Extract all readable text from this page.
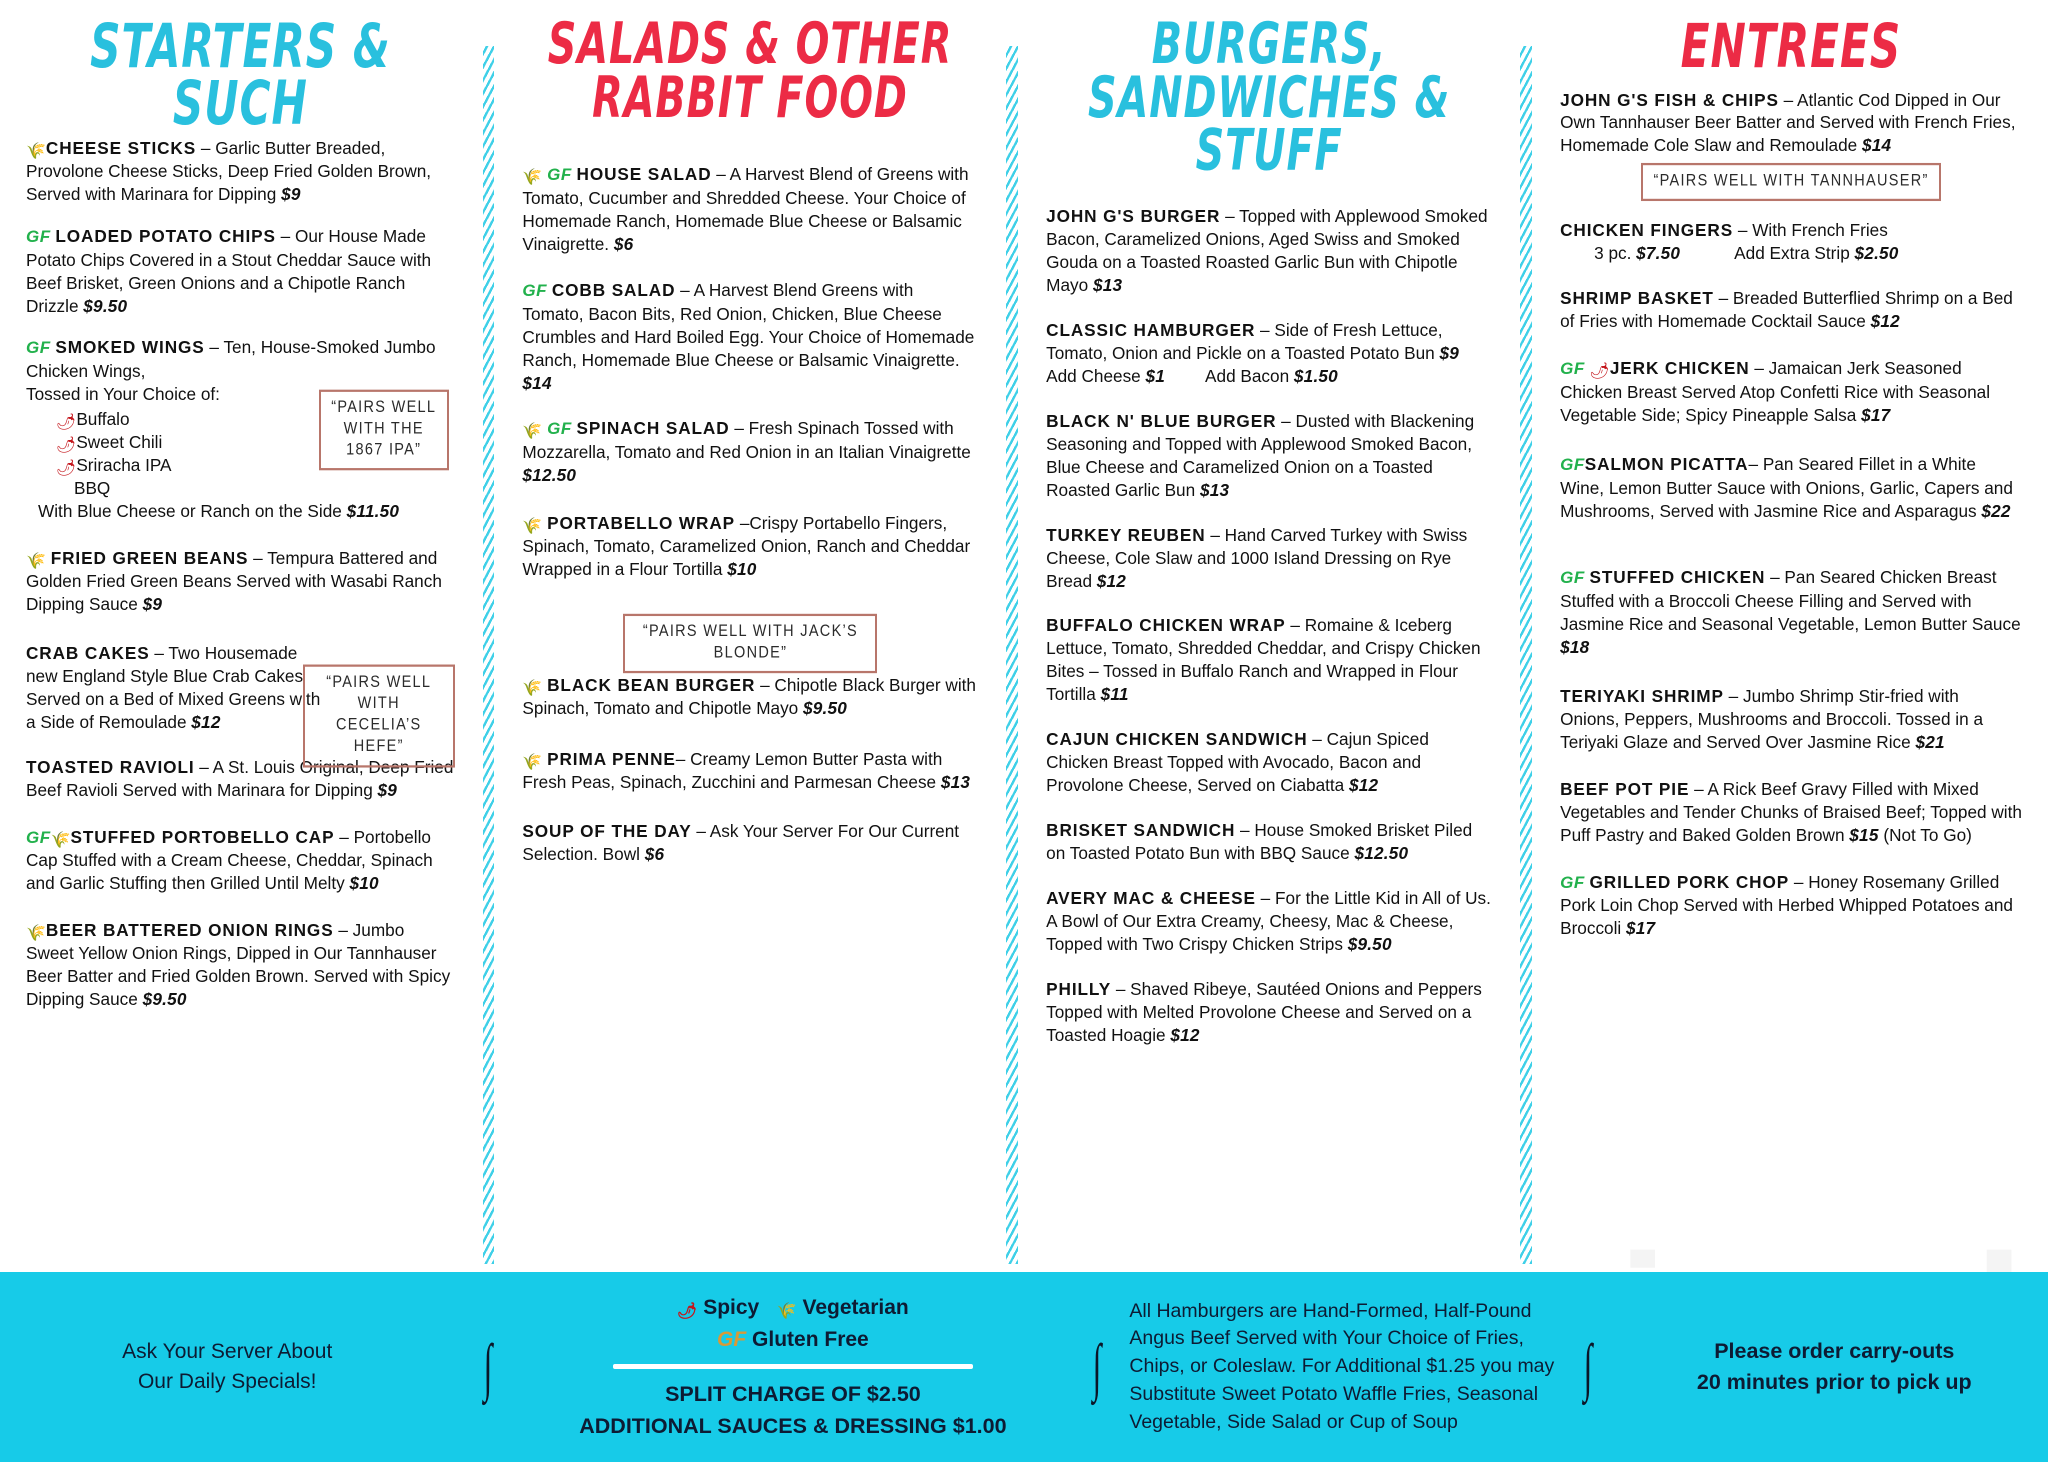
STARTERS & SUCH
🌾CHEESE STICKS – Garlic Butter Breaded, Provolone Cheese Sticks, Deep Fried Golden Brown, Served with Marinara for Dipping $9
GF LOADED POTATO CHIPS – Our House Made Potato Chips Covered in a Stout Cheddar Sauce with Beef Brisket, Green Onions and a Chipotle Ranch Drizzle $9.50
GF SMOKED WINGS – Ten, House-Smoked Jumbo Chicken Wings,
Tossed in Your Choice of:
“PAIRS WELL WITH THE 1867 IPA”
🌶Buffalo
🌶Sweet Chili
🌶Sriracha IPA
BBQ
With Blue Cheese or Ranch on the Side $11.50
🌾 FRIED GREEN BEANS – Tempura Battered and Golden Fried Green Beans Served with Wasabi Ranch Dipping Sauce $9
“PAIRS WELL WITH CECELIA’S HEFE”
CRAB CAKES – Two Housemade new England Style Blue Crab Cakes Served on a Bed of Mixed Greens with a Side of Remoulade $12
TOASTED RAVIOLI – A St. Louis Original, Deep Fried Beef Ravioli Served with Marinara for Dipping $9
GF🌾STUFFED PORTOBELLO CAP – Portobello Cap Stuffed with a Cream Cheese, Cheddar, Spinach and Garlic Stuffing then Grilled Until Melty $10
🌾BEER BATTERED ONION RINGS – Jumbo Sweet Yellow Onion Rings, Dipped in Our Tannhauser Beer Batter and Fried Golden Brown. Served with Spicy Dipping Sauce $9.50
SALADS & OTHER RABBIT FOOD
🌾 GF HOUSE SALAD – A Harvest Blend of Greens with Tomato, Cucumber and Shredded Cheese. Your Choice of Homemade Ranch, Homemade Blue Cheese or Balsamic Vinaigrette. $6
GF COBB SALAD – A Harvest Blend Greens with Tomato, Bacon Bits, Red Onion, Chicken, Blue Cheese Crumbles and Hard Boiled Egg. Your Choice of Homemade Ranch, Homemade Blue Cheese or Balsamic Vinaigrette. $14
🌾 GF SPINACH SALAD – Fresh Spinach Tossed with Mozzarella, Tomato and Red Onion in an Italian Vinaigrette $12.50
🌾 PORTABELLO WRAP –Crispy Portabello Fingers, Spinach, Tomato, Caramelized Onion, Ranch and Cheddar Wrapped in a Flour Tortilla $10
“PAIRS WELL WITH JACK’S BLONDE”
🌾 BLACK BEAN BURGER – Chipotle Black Burger with Spinach, Tomato and Chipotle Mayo $9.50
🌾 PRIMA PENNE– Creamy Lemon Butter Pasta with Fresh Peas, Spinach, Zucchini and Parmesan Cheese $13
SOUP OF THE DAY – Ask Your Server For Our Current Selection. Bowl $6
BURGERS, SANDWICHES & STUFF
JOHN G'S BURGER – Topped with Applewood Smoked Bacon, Caramelized Onions, Aged Swiss and Smoked Gouda on a Toasted Roasted Garlic Bun with Chipotle Mayo $13
CLASSIC HAMBURGER – Side of Fresh Lettuce, Tomato, Onion and Pickle on a Toasted Potato Bun $9
Add Cheese $1 Add Bacon $1.50
BLACK N' BLUE BURGER – Dusted with Blackening Seasoning and Topped with Applewood Smoked Bacon, Blue Cheese and Caramelized Onion on a Toasted Roasted Garlic Bun $13
TURKEY REUBEN – Hand Carved Turkey with Swiss Cheese, Cole Slaw and 1000 Island Dressing on Rye Bread $12
BUFFALO CHICKEN WRAP – Romaine & Iceberg Lettuce, Tomato, Shredded Cheddar, and Crispy Chicken Bites – Tossed in Buffalo Ranch and Wrapped in Flour Tortilla $11
CAJUN CHICKEN SANDWICH – Cajun Spiced Chicken Breast Topped with Avocado, Bacon and Provolone Cheese, Served on Ciabatta $12
BRISKET SANDWICH – House Smoked Brisket Piled on Toasted Potato Bun with BBQ Sauce $12.50
AVERY MAC & CHEESE – For the Little Kid in All of Us. A Bowl of Our Extra Creamy, Cheesy, Mac & Cheese, Topped with Two Crispy Chicken Strips $9.50
PHILLY – Shaved Ribeye, Sautéed Onions and Peppers Topped with Melted Provolone Cheese and Served on a Toasted Hoagie $12
ENTREES
JOHN G'S FISH & CHIPS – Atlantic Cod Dipped in Our Own Tannhauser Beer Batter and Served with French Fries, Homemade Cole Slaw and Remoulade $14
“PAIRS WELL WITH TANNHAUSER”
CHICKEN FINGERS – With French Fries
3 pc. $7.50	Add Extra Strip $2.50
SHRIMP BASKET – Breaded Butterflied Shrimp on a Bed of Fries with Homemade Cocktail Sauce $12
GF 🌶JERK CHICKEN – Jamaican Jerk Seasoned Chicken Breast Served Atop Confetti Rice with Seasonal Vegetable Side; Spicy Pineapple Salsa $17
GFSALMON PICATTA– Pan Seared Fillet in a White Wine, Lemon Butter Sauce with Onions, Garlic, Capers and Mushrooms, Served with Jasmine Rice and Asparagus $22
GF STUFFED CHICKEN – Pan Seared Chicken Breast Stuffed with a Broccoli Cheese Filling and Served with Jasmine Rice and Seasonal Vegetable, Lemon Butter Sauce $18
TERIYAKI SHRIMP – Jumbo Shrimp Stir-fried with Onions, Peppers, Mushrooms and Broccoli. Tossed in a Teriyaki Glaze and Served Over Jasmine Rice $21
BEEF POT PIE – A Rick Beef Gravy Filled with Mixed Vegetables and Tender Chunks of Braised Beef; Topped with Puff Pastry and Baked Golden Brown $15 (Not To Go)
GF GRILLED PORK CHOP – Honey Rosemany Grilled Pork Loin Chop Served with Herbed Whipped Potatoes and Broccoli $17
Ask Your Server About
Our Daily Specials!	∫
🌶 Spicy 🌾 Vegetarian
GF Gluten Free
SPLIT CHARGE OF $2.50
ADDITIONAL SAUCES & DRESSING $1.00
∫
All Hamburgers are Hand-Formed, Half-Pound Angus Beef Served with Your Choice of Fries, Chips, or Coleslaw. For Additional $1.25 you may Substitute Sweet Potato Waffle Fries, Seasonal Vegetable, Side Salad or Cup of Soup
∫	Please order carry-outs
20 minutes prior to pick up
